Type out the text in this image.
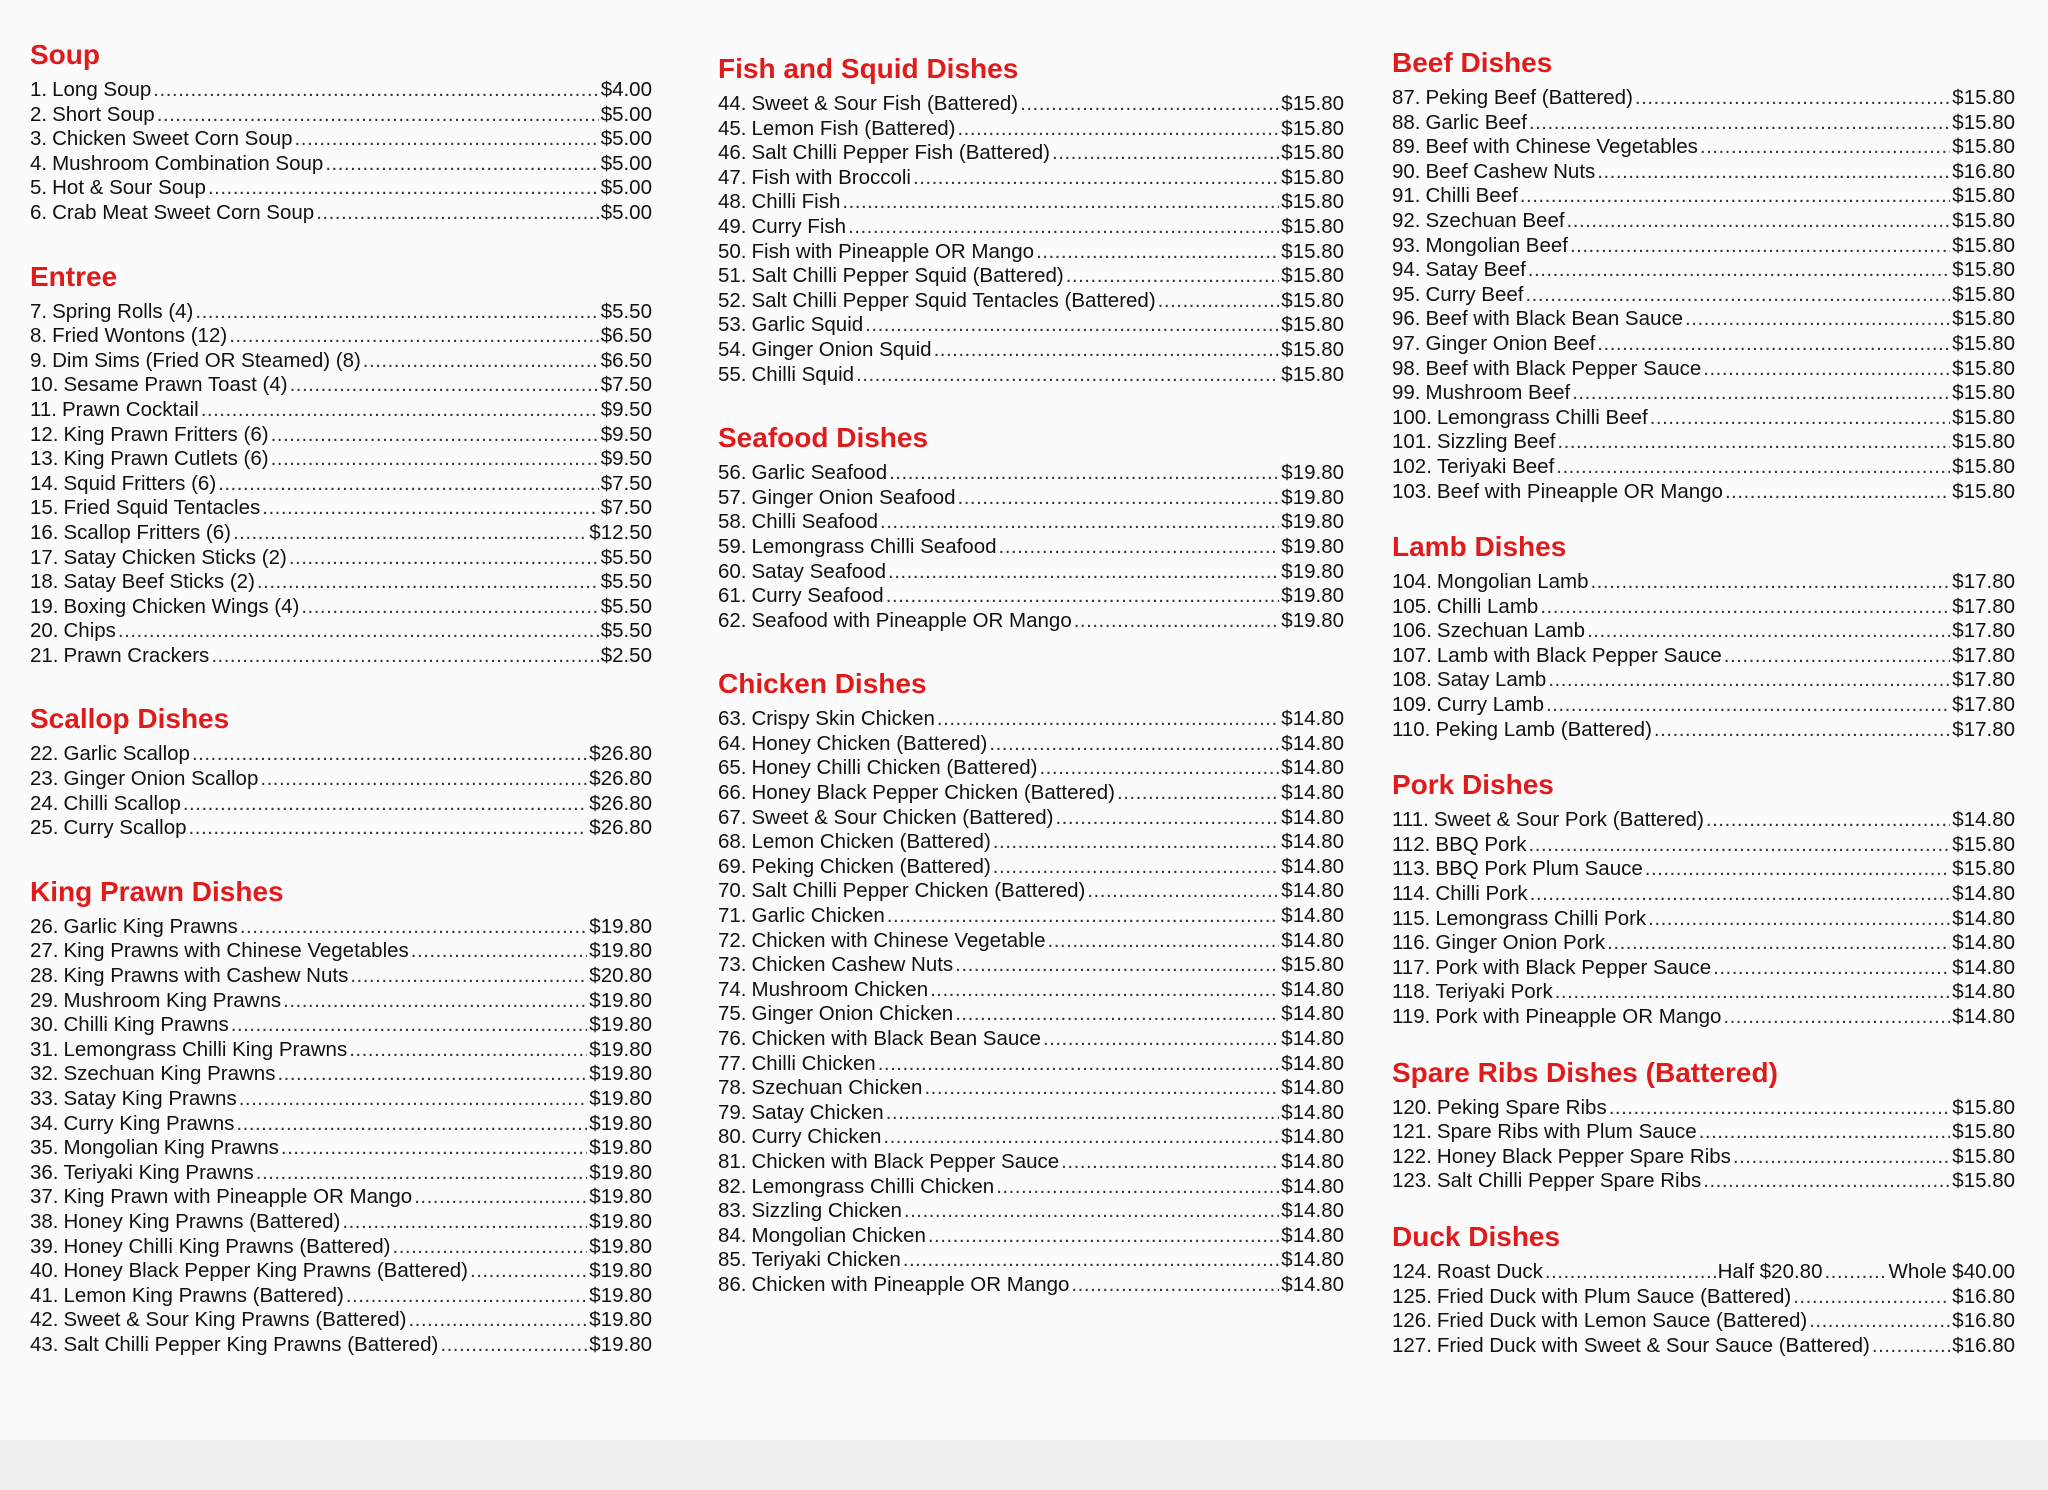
Soup
1. Long Soup .....	$4.00
2. Short Soup .....	$5.00
3. Chicken Sweet Corn Soup .....	$5.00
4. Mushroom Combination Soup .....	$5.00
5. Hot & Sour Soup .....	$5.00
6. Crab Meat Sweet Corn Soup .....	$5.00
Entree
7. Spring Rolls (4) .....	$5.50
8. Fried Wontons (12) .....	$6.50
9. Dim Sims (Fried OR Steamed) (8) .....	$6.50
10. Sesame Prawn Toast (4) .....	$7.50
11. Prawn Cocktail .....	$9.50
12. King Prawn Fritters (6) .....	$9.50
13. King Prawn Cutlets (6) .....	$9.50
14. Squid Fritters (6) .....	$7.50
15. Fried Squid Tentacles .....	$7.50
16. Scallop Fritters (6) .....	$12.50
17. Satay Chicken Sticks (2) .....	$5.50
18. Satay Beef Sticks (2) .....	$5.50
19. Boxing Chicken Wings (4) .....	$5.50
20. Chips .....	$5.50
21. Prawn Crackers .....	$2.50
Scallop Dishes
22. Garlic Scallop .....	$26.80
23. Ginger Onion Scallop .....	$26.80
24. Chilli Scallop .....	$26.80
25. Curry Scallop .....	$26.80
King Prawn Dishes
26. Garlic King Prawns .....	$19.80
27. King Prawns with Chinese Vegetables .....	$19.80
28. King Prawns with Cashew Nuts .....	$20.80
29. Mushroom King Prawns .....	$19.80
30. Chilli King Prawns .....	$19.80
31. Lemongrass Chilli King Prawns .....	$19.80
32. Szechuan King Prawns .....	$19.80
33. Satay King Prawns .....	$19.80
34. Curry King Prawns .....	$19.80
35. Mongolian King Prawns .....	$19.80
36. Teriyaki King Prawns .....	$19.80
37. King Prawn with Pineapple OR Mango .....	$19.80
38. Honey King Prawns (Battered) .....	$19.80
39. Honey Chilli King Prawns (Battered) .....	$19.80
40. Honey Black Pepper King Prawns (Battered) .....	$19.80
41. Lemon King Prawns (Battered) .....	$19.80
42. Sweet & Sour King Prawns (Battered) .....	$19.80
43. Salt Chilli Pepper King Prawns (Battered) .....	$19.80
Fish and Squid Dishes
44. Sweet & Sour Fish (Battered) .....	$15.80
45. Lemon Fish (Battered) .....	$15.80
46. Salt Chilli Pepper Fish (Battered) .....	$15.80
47. Fish with Broccoli .....	$15.80
48. Chilli Fish .....	$15.80
49. Curry Fish .....	$15.80
50. Fish with Pineapple OR Mango .....	$15.80
51. Salt Chilli Pepper Squid (Battered) .....	$15.80
52. Salt Chilli Pepper Squid Tentacles (Battered) .....	$15.80
53. Garlic Squid .....	$15.80
54. Ginger Onion Squid .....	$15.80
55. Chilli Squid .....	$15.80
Seafood Dishes
56. Garlic Seafood .....	$19.80
57. Ginger Onion Seafood .....	$19.80
58. Chilli Seafood .....	$19.80
59. Lemongrass Chilli Seafood .....	$19.80
60. Satay Seafood .....	$19.80
61. Curry Seafood .....	$19.80
62. Seafood with Pineapple OR Mango .....	$19.80
Chicken Dishes
63. Crispy Skin Chicken .....	$14.80
64. Honey Chicken (Battered) .....	$14.80
65. Honey Chilli Chicken (Battered) .....	$14.80
66. Honey Black Pepper Chicken (Battered) .....	$14.80
67. Sweet & Sour Chicken (Battered) .....	$14.80
68. Lemon Chicken (Battered) .....	$14.80
69. Peking Chicken (Battered) .....	$14.80
70. Salt Chilli Pepper Chicken (Battered) .....	$14.80
71. Garlic Chicken .....	$14.80
72. Chicken with Chinese Vegetable .....	$14.80
73. Chicken Cashew Nuts .....	$15.80
74. Mushroom Chicken .....	$14.80
75. Ginger Onion Chicken .....	$14.80
76. Chicken with Black Bean Sauce .....	$14.80
77. Chilli Chicken .....	$14.80
78. Szechuan Chicken .....	$14.80
79. Satay Chicken .....	$14.80
80. Curry Chicken .....	$14.80
81. Chicken with Black Pepper Sauce .....	$14.80
82. Lemongrass Chilli Chicken .....	$14.80
83. Sizzling Chicken .....	$14.80
84. Mongolian Chicken .....	$14.80
85. Teriyaki Chicken .....	$14.80
86. Chicken with Pineapple OR Mango .....	$14.80
Beef Dishes
87. Peking Beef (Battered) .....	$15.80
88. Garlic Beef .....	$15.80
89. Beef with Chinese Vegetables .....	$15.80
90. Beef Cashew Nuts .....	$16.80
91. Chilli Beef .....	$15.80
92. Szechuan Beef .....	$15.80
93. Mongolian Beef .....	$15.80
94. Satay Beef .....	$15.80
95. Curry Beef .....	$15.80
96. Beef with Black Bean Sauce .....	$15.80
97. Ginger Onion Beef .....	$15.80
98. Beef with Black Pepper Sauce .....	$15.80
99. Mushroom Beef .....	$15.80
100. Lemongrass Chilli Beef .....	$15.80
101. Sizzling Beef .....	$15.80
102. Teriyaki Beef .....	$15.80
103. Beef with Pineapple OR Mango .....	$15.80
Lamb Dishes
104. Mongolian Lamb .....	$17.80
105. Chilli Lamb .....	$17.80
106. Szechuan Lamb .....	$17.80
107. Lamb with Black Pepper Sauce .....	$17.80
108. Satay Lamb .....	$17.80
109. Curry Lamb .....	$17.80
110. Peking Lamb (Battered) .....	$17.80
Pork Dishes
111. Sweet & Sour Pork (Battered) .....	$14.80
112. BBQ Pork .....	$15.80
113. BBQ Pork Plum Sauce .....	$15.80
114. Chilli Pork .....	$14.80
115. Lemongrass Chilli Pork .....	$14.80
116. Ginger Onion Pork .....	$14.80
117. Pork with Black Pepper Sauce .....	$14.80
118. Teriyaki Pork .....	$14.80
119. Pork with Pineapple OR Mango .....	$14.80
Spare Ribs Dishes (Battered)
120. Peking Spare Ribs .....	$15.80
121. Spare Ribs with Plum Sauce .....	$15.80
122. Honey Black Pepper Spare Ribs .....	$15.80
123. Salt Chilli Pepper Spare Ribs .....	$15.80
Duck Dishes
124. Roast Duck .....	Half $20.80 .....	Whole $40.00
125. Fried Duck with Plum Sauce (Battered) .....	$16.80
126. Fried Duck with Lemon Sauce (Battered) .....	$16.80
127. Fried Duck with Sweet & Sour Sauce (Battered) .....	$16.80
